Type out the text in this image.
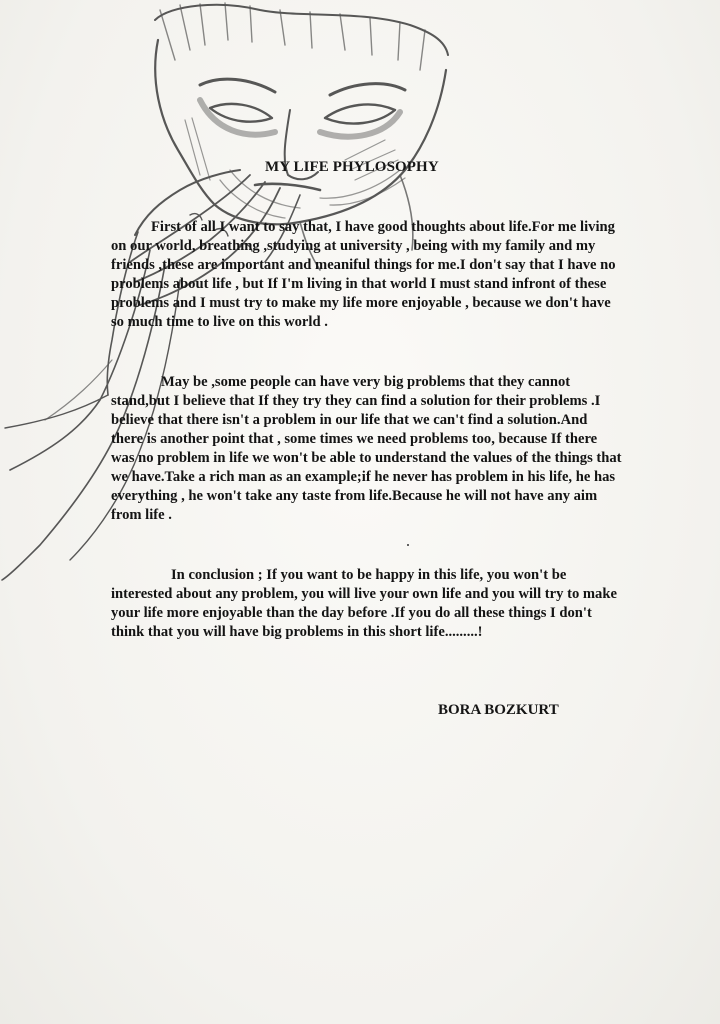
MY LIFE PHYLOSOPHY

First of all I want to say that, I have good thoughts about life.For me living on our world, breathing ,studying at university , being with my family and my friends ,these are important and meaniful things for me.I don't say that I have no problems about life , but If I'm living in that world I must stand infront of these problems and I must try to make my life more enjoyable , because we don't have so much time to live on this world .

May be ,some people can have very big problems that they cannot stand,but I believe that If they try they can find a solution for their problems .I believe that there isn't a problem in our life that we can't find a solution.And there is another point that , some times we need problems too, because If there was no problem in life we won't be able to understand the values of the things that we have.Take a rich man as an example;if he never has problem in his life, he has everything , he won't take any taste from life.Because he will not have any aim from life .

In conclusion ; If you want to be happy in this life, you won't be interested about any problem, you will live your own life and you will try to make your life more enjoyable than the day before .If you do all these things I don't think that you will have big problems in this short life.........!

BORA BOZKURT
